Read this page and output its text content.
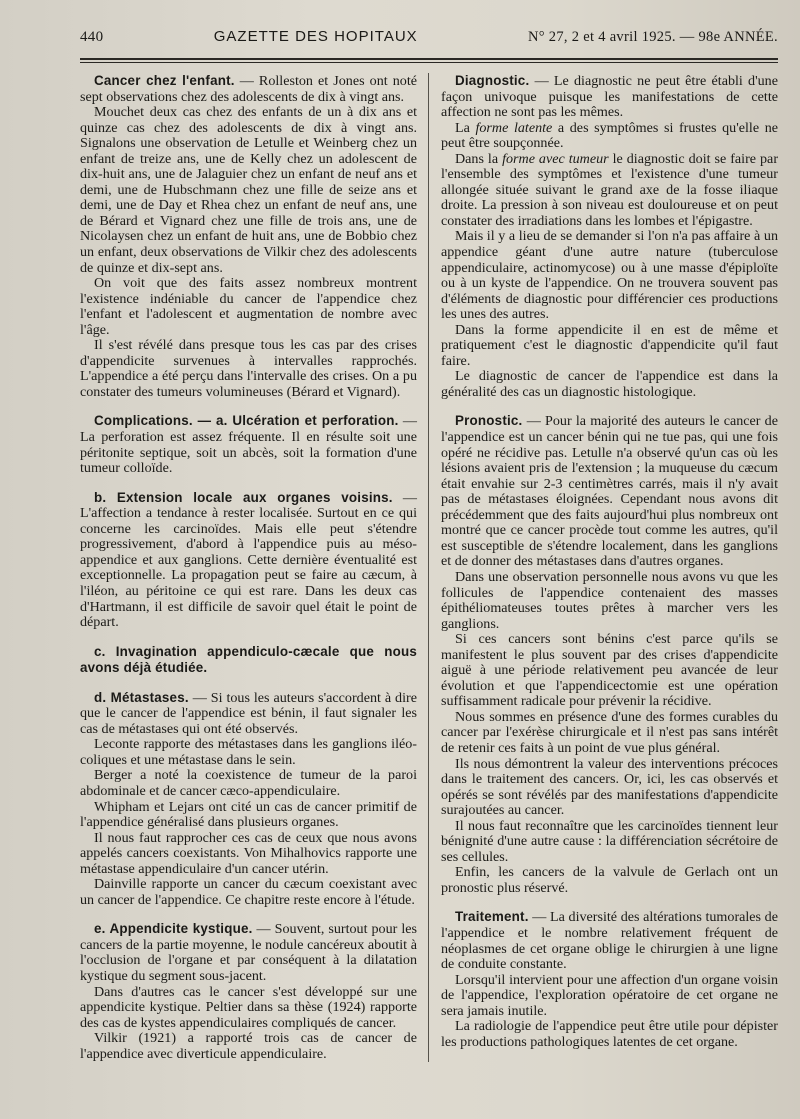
440	GAZETTE DES HOPITAUX	N° 27, 2 et 4 avril 1925. — 98e ANNÉE.

Cancer chez l'enfant. — Rolleston et Jones ont noté sept observations chez des adolescents de dix à vingt ans.

Mouchet deux cas chez des enfants de un à dix ans et quinze cas chez des adolescents de dix à vingt ans. Signalons une observation de Letulle et Weinberg chez un enfant de treize ans, une de Kelly chez un adolescent de dix-huit ans, une de Jalaguier chez un enfant de neuf ans et demi, une de Hubschmann chez une fille de seize ans et demi, une de Day et Rhea chez un enfant de neuf ans, une de Bérard et Vignard chez une fille de trois ans, une de Nicolaysen chez un enfant de huit ans, une de Bobbio chez un enfant, deux observations de Vilkir chez des adolescents de quinze et dix-sept ans.

On voit que des faits assez nombreux montrent l'existence indéniable du cancer de l'appendice chez l'enfant et l'adolescent et augmentation de nombre avec l'âge.

Il s'est révélé dans presque tous les cas par des crises d'appendicite survenues à intervalles rapprochés. L'appendice a été perçu dans l'intervalle des crises. On a pu constater des tumeurs volumineuses (Bérard et Vignard).

Complications. — a. Ulcération et perforation. — La perforation est assez fréquente. Il en résulte soit une péritonite septique, soit un abcès, soit la formation d'une tumeur colloïde.

b. Extension locale aux organes voisins. — L'affection a tendance à rester localisée. Surtout en ce qui concerne les carcinoïdes. Mais elle peut s'étendre progressivement, d'abord à l'appendice puis au méso-appendice et aux ganglions. Cette dernière éventualité est exceptionnelle. La propagation peut se faire au cæcum, à l'iléon, au péritoine ce qui est rare. Dans les deux cas d'Hartmann, il est difficile de savoir quel était le point de départ.

c. Invagination appendiculo-cæcale que nous avons déjà étudiée.

d. Métastases. — Si tous les auteurs s'accordent à dire que le cancer de l'appendice est bénin, il faut signaler les cas de métastases qui ont été observés.

Leconte rapporte des métastases dans les ganglions iléo-coliques et une métastase dans le sein.

Berger a noté la coexistence de tumeur de la paroi abdominale et de cancer cæco-appendiculaire.

Whipham et Lejars ont cité un cas de cancer primitif de l'appendice généralisé dans plusieurs organes.

Il nous faut rapprocher ces cas de ceux que nous avons appelés cancers coexistants. Von Mihalhovics rapporte une métastase appendiculaire d'un cancer utérin.

Dainville rapporte un cancer du cæcum coexistant avec un cancer de l'appendice. Ce chapitre reste encore à l'étude.

e. Appendicite kystique. — Souvent, surtout pour les cancers de la partie moyenne, le nodule cancéreux aboutit à l'occlusion de l'organe et par conséquent à la dilatation kystique du segment sous-jacent.

Dans d'autres cas le cancer s'est développé sur une appendicite kystique. Peltier dans sa thèse (1924) rapporte des cas de kystes appendiculaires compliqués de cancer.

Vilkir (1921) a rapporté trois cas de cancer de l'appendice avec diverticule appendiculaire.

Diagnostic. — Le diagnostic ne peut être établi d'une façon univoque puisque les manifestations de cette affection ne sont pas les mêmes.

La forme latente a des symptômes si frustes qu'elle ne peut être soupçonnée.

Dans la forme avec tumeur le diagnostic doit se faire par l'ensemble des symptômes et l'existence d'une tumeur allongée située suivant le grand axe de la fosse iliaque droite. La pression à son niveau est douloureuse et on peut constater des irradiations dans les lombes et l'épigastre.

Mais il y a lieu de se demander si l'on n'a pas affaire à un appendice géant d'une autre nature (tuberculose appendiculaire, actinomycose) ou à une masse d'épiploïte ou à un kyste de l'appendice. On ne trouvera souvent pas d'éléments de diagnostic pour différencier ces productions les unes des autres.

Dans la forme appendicite il en est de même et pratiquement c'est le diagnostic d'appendicite qu'il faut faire.

Le diagnostic de cancer de l'appendice est dans la généralité des cas un diagnostic histologique.

Pronostic. — Pour la majorité des auteurs le cancer de l'appendice est un cancer bénin qui ne tue pas, qui une fois opéré ne récidive pas. Letulle n'a observé qu'un cas où les lésions avaient pris de l'extension ; la muqueuse du cæcum était envahie sur 2-3 centimètres carrés, mais il n'y avait pas de métastases éloignées. Cependant nous avons dit précédemment que des faits aujourd'hui plus nombreux ont montré que ce cancer procède tout comme les autres, qu'il est susceptible de s'étendre localement, dans les ganglions et de donner des métastases dans d'autres organes.

Dans une observation personnelle nous avons vu que les follicules de l'appendice contenaient des masses épithéliomateuses toutes prêtes à marcher vers les ganglions.

Si ces cancers sont bénins c'est parce qu'ils se manifestent le plus souvent par des crises d'appendicite aiguë à une période relativement peu avancée de leur évolution et que l'appendicectomie est une opération suffisamment radicale pour prévenir la récidive.

Nous sommes en présence d'une des formes curables du cancer par l'exérèse chirurgicale et il n'est pas sans intérêt de retenir ces faits à un point de vue plus général.

Ils nous démontrent la valeur des interventions précoces dans le traitement des cancers. Or, ici, les cas observés et opérés se sont révélés par des manifestations d'appendicite surajoutées au cancer.

Il nous faut reconnaître que les carcinoïdes tiennent leur bénignité d'une autre cause : la différenciation sécrétoire de ses cellules.

Enfin, les cancers de la valvule de Gerlach ont un pronostic plus réservé.

Traitement. — La diversité des altérations tumorales de l'appendice et le nombre relativement fréquent de néoplasmes de cet organe oblige le chirurgien à une ligne de conduite constante.

Lorsqu'il intervient pour une affection d'un organe voisin de l'appendice, l'exploration opératoire de cet organe ne sera jamais inutile.

La radiologie de l'appendice peut être utile pour dépister les productions pathologiques latentes de cet organe.
